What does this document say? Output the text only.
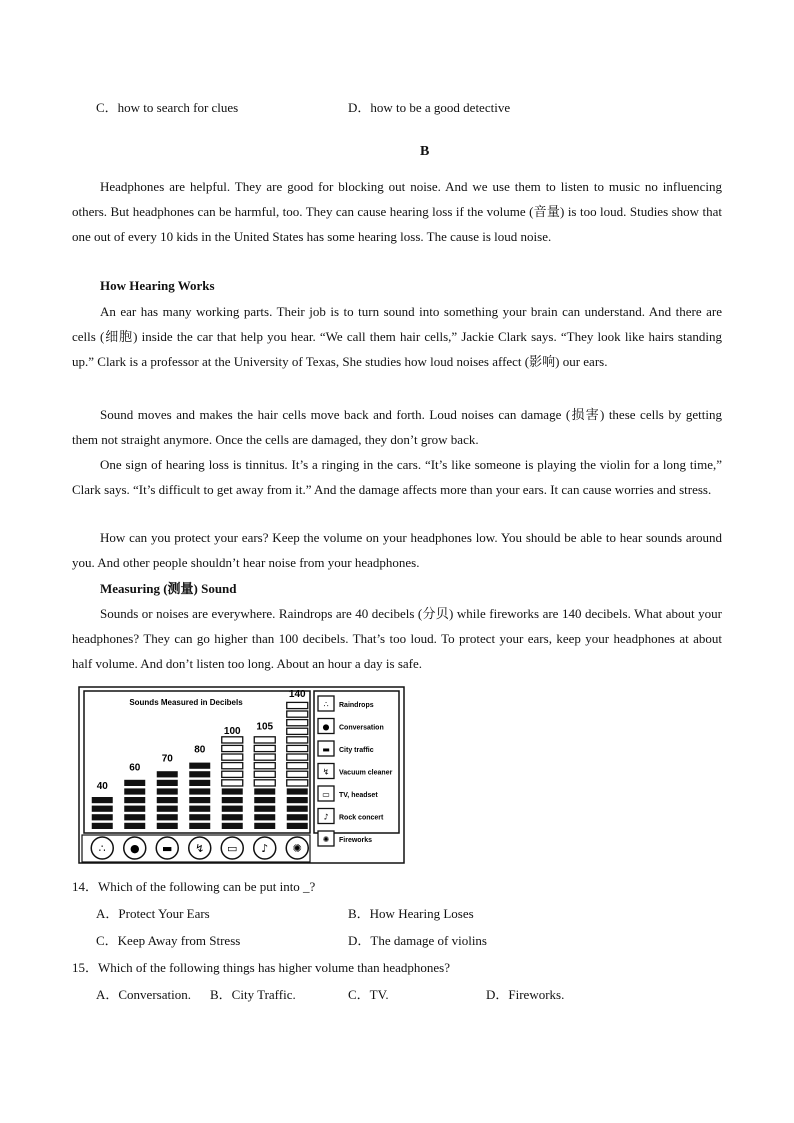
C．how to search for clues	D．how to be a good detective
B
Headphones are helpful. They are good for blocking out noise. And we use them to listen to music no influencing others. But headphones can be harmful, too. They can cause hearing loss if the volume (音量) is too loud. Studies show that one out of every 10 kids in the United States has some hearing loss. The cause is loud noise.
How Hearing Works
An ear has many working parts. Their job is to turn sound into something your brain can understand. And there are cells (细胞) inside the car that help you hear. “We call them hair cells,” Jackie Clark says. “They look like hairs standing up.” Clark is a professor at the University of Texas, She studies how loud noises affect (影响) our ears.
Sound moves and makes the hair cells move back and forth. Loud noises can damage (损害) these cells by getting them not straight anymore. Once the cells are damaged, they don’t grow back.
One sign of hearing loss is tinnitus. It’s a ringing in the cars. “It’s like someone is playing the violin for a long time,” Clark says. “It’s difficult to get away from it.” And the damage affects more than your ears. It can cause worries and stress.
How can you protect your ears? Keep the volume on your headphones low. You should be able to hear sounds around you. And other people shouldn’t hear noise from your headphones.
Measuring (测量) Sound
Sounds or noises are everywhere. Raindrops are 40 decibels (分贝) while fireworks are 140 decibels. What about your headphones? They can go higher than 100 decibels. That’s too loud. To protect your ears, keep your headphones at about half volume. And don’t listen too long. About an hour a day is safe.
Sounds Measured in Decibels
40
decibels
60
70
80
100 105
140
∴ ● ▬ ↯ ▭ ♪ ✺
∴ Raindrops
● Conversation
▬ City traffic
↯ Vacuum cleaner
▭ TV, headset
♪ Rock concert
✺ Fireworks
14．Which of the following can be put into _?
A．Protect Your Ears	B．How Hearing Loses
C．Keep Away from Stress	D．The damage of violins
15．Which of the following things has higher volume than headphones?
A．Conversation. B．City Traffic.	C．TV.	D．Fireworks.
